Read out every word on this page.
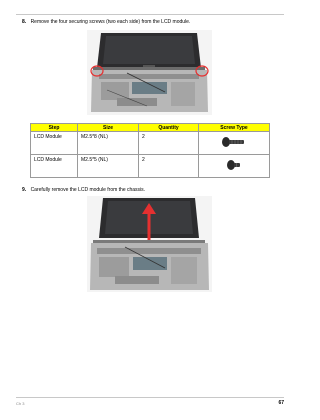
8. Remove the four securing screws (two each side) from the LCD module.
Step	Size	Quantity	Screw Type
LCD Module	M2.5*8 (NL)	2	
LCD Module	M2.5*5 (NL)	2	
9. Carefully remove the LCD module from the chassis.
Ch 3	67
